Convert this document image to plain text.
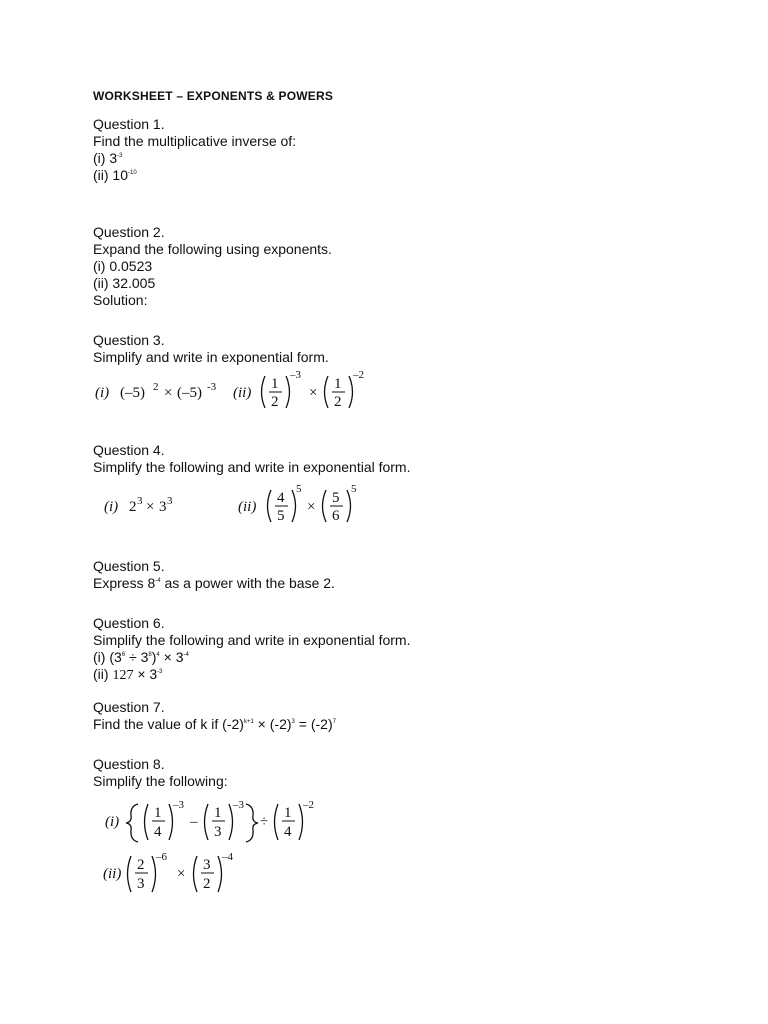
WORKSHEET – EXPONENTS & POWERS
Question 1.
Find the multiplicative inverse of:
(i) $3^{-3}$
(ii) $10^{-10}$
Question 2.
Expand the following using exponents.
(i) 0.0523
(ii) 32.005
Solution:
Question 3.
Simplify and write in exponential form.
(i) (–5) 2 × (–5) -3 (ii)
1
2
–3
×
1
2
–2
Question 4.
Simplify the following and write in exponential form.
(i) 2 3 × 3 3	(ii)
4
5
5
×
5
6
5
Question 5.
Express $8^{-4}$ as a power with the base 2.
Question 6.
Simplify the following and write in exponential form.
(i) $(3^6 \div 3^8)^4 \times 3^{-4}$
(ii) $127 \times 3^{-3}$
Question 7.
Find the value of k if $(-2)^{k+1} \times (-2)^3 = (-2)^7$
Question 8.
Simplify the following:
(i)
1
4
–3
–
1
3
–3
÷
1
4
–2
(ii)
2
3
–6
×
3
2
–4
